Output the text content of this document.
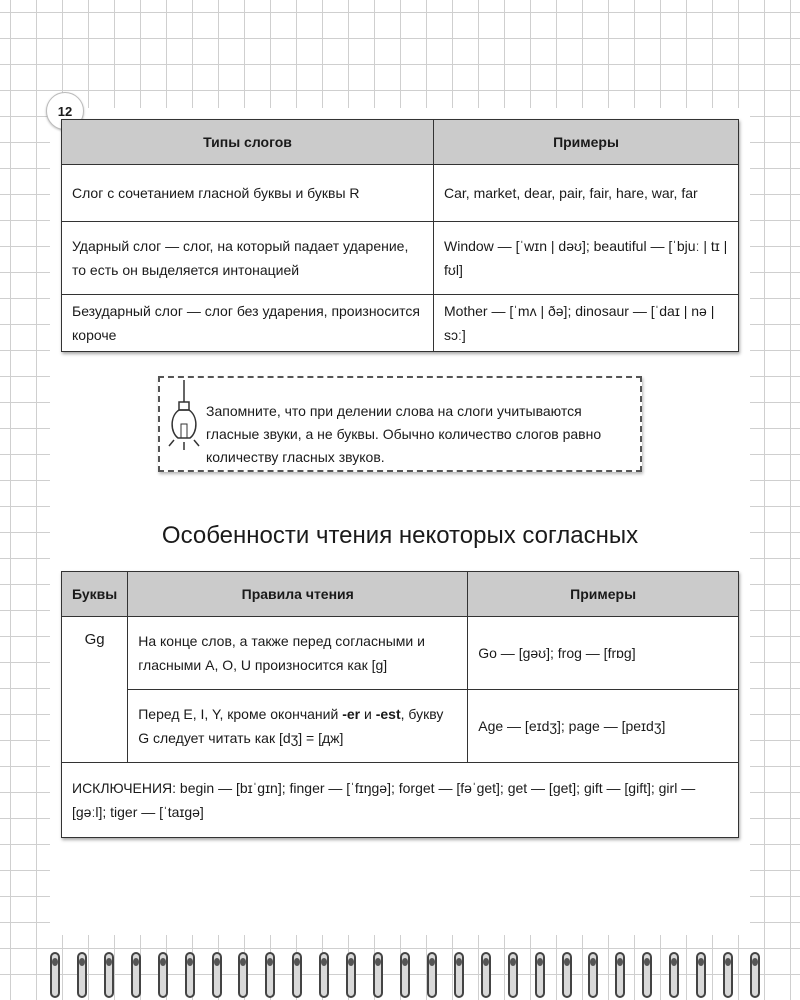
12
Типы слогов	Примеры
Слог с сочетанием гласной буквы и буквы R	Car, market, dear, pair, fair, hare, war, far
Ударный слог — слог, на который падает ударение, то есть он выделяется интонацией	Window — [ˈwɪn | dəʊ]; beautiful — [ˈbjuː | tɪ | fʊl]
Безударный слог — слог без ударения, произносится короче	Mother — [ˈmʌ | ðə]; dinosaur — [ˈdaɪ | nə | sɔː]
Запомните, что при делении слова на слоги учитываются гласные звуки, а не буквы. Обычно количество слогов равно количеству гласных звуков.
Особенности чтения некоторых согласных
Буквы	Правила чтения	Примеры
Gg	На конце слов, а также перед согласными и гласными A, O, U произносится как [g]	Go — [gəʊ]; frog — [frɒg]
	Перед E, I, Y, кроме окончаний -er и -est, букву G следует читать как [dʒ] = [дж]	Age — [eɪdʒ]; page — [peɪdʒ]
ИСКЛЮЧЕНИЯ: begin — [bɪˈgɪn]; finger — [ˈfɪŋgə]; forget — [fəˈget]; get — [get]; gift — [gift]; girl — [gəːl]; tiger — [ˈtaɪgə]		
